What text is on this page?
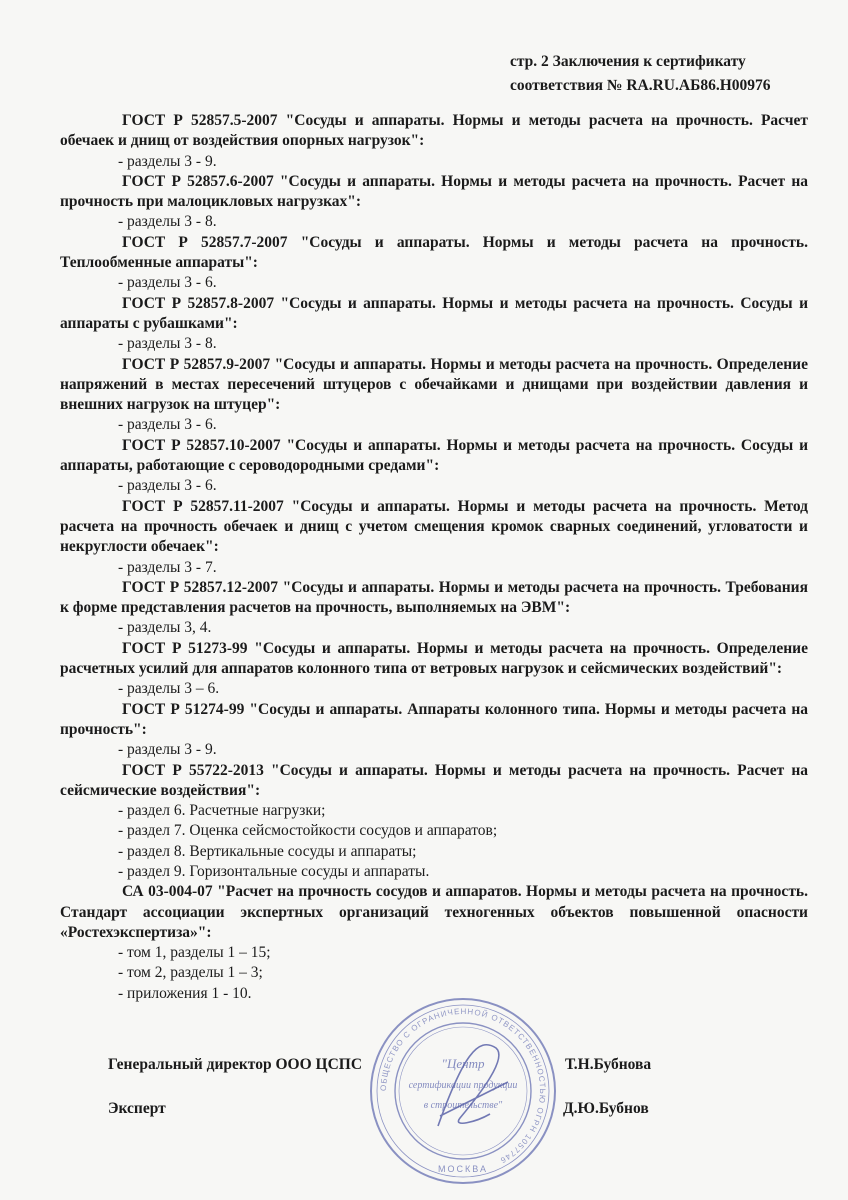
стр. 2 Заключения к сертификату
соответствия № RA.RU.АБ86.Н00976

ГОСТ Р 52857.5-2007 "Сосуды и аппараты. Нормы и методы расчета на прочность. Расчет обечаек и днищ от воздействия опорных нагрузок":

- разделы 3 - 9.

ГОСТ Р 52857.6-2007 "Сосуды и аппараты. Нормы и методы расчета на прочность. Расчет на прочность при малоцикловых нагрузках":

- разделы 3 - 8.

ГОСТ Р 52857.7-2007 "Сосуды и аппараты. Нормы и методы расчета на прочность. Теплообменные аппараты":

- разделы 3 - 6.

ГОСТ Р 52857.8-2007 "Сосуды и аппараты. Нормы и методы расчета на прочность. Сосуды и аппараты с рубашками":

- разделы 3 - 8.

ГОСТ Р 52857.9-2007 "Сосуды и аппараты. Нормы и методы расчета на прочность. Определение напряжений в местах пересечений штуцеров с обечайками и днищами при воздействии давления и внешних нагрузок на штуцер":

- разделы 3 - 6.

ГОСТ Р 52857.10-2007 "Сосуды и аппараты. Нормы и методы расчета на прочность. Сосуды и аппараты, работающие с сероводородными средами":

- разделы 3 - 6.

ГОСТ Р 52857.11-2007 "Сосуды и аппараты. Нормы и методы расчета на прочность. Метод расчета на прочность обечаек и днищ с учетом смещения кромок сварных соединений, угловатости и некруглости обечаек":

- разделы 3 - 7.

ГОСТ Р 52857.12-2007 "Сосуды и аппараты. Нормы и методы расчета на прочность. Требования к форме представления расчетов на прочность, выполняемых на ЭВМ":

- разделы 3, 4.

ГОСТ Р 51273-99 "Сосуды и аппараты. Нормы и методы расчета на прочность. Определение расчетных усилий для аппаратов колонного типа от ветровых нагрузок и сейсмических воздействий":

- разделы 3 – 6.

ГОСТ Р 51274-99 "Сосуды и аппараты. Аппараты колонного типа. Нормы и методы расчета на прочность":

- разделы 3 - 9.

ГОСТ Р 55722-2013 "Сосуды и аппараты. Нормы и методы расчета на прочность. Расчет на сейсмические воздействия":

- раздел 6. Расчетные нагрузки;
- раздел 7. Оценка сейсмостойкости сосудов и аппаратов;
- раздел 8. Вертикальные сосуды и аппараты;
- раздел 9. Горизонтальные сосуды и аппараты.

СА 03-004-07 "Расчет на прочность сосудов и аппаратов. Нормы и методы расчета на прочность. Стандарт ассоциации экспертных организаций техногенных объектов повышенной опасности «Ростехэкспертиза»":

- том 1, разделы 1 – 15;
- том 2, разделы 1 – 3;
- приложения 1 - 10.
Генеральный директор ООО ЦСПС	Т.Н.Бубнова
Эксперт	Д.Ю.Бубнов
ОБЩЕСТВО С ОГРАНИЧЕННОЙ ОТВЕТСТВЕННОСТЬЮ ОГРН 1057746
"Центр
сертификации продукции
в строительстве"
МОСКВА
